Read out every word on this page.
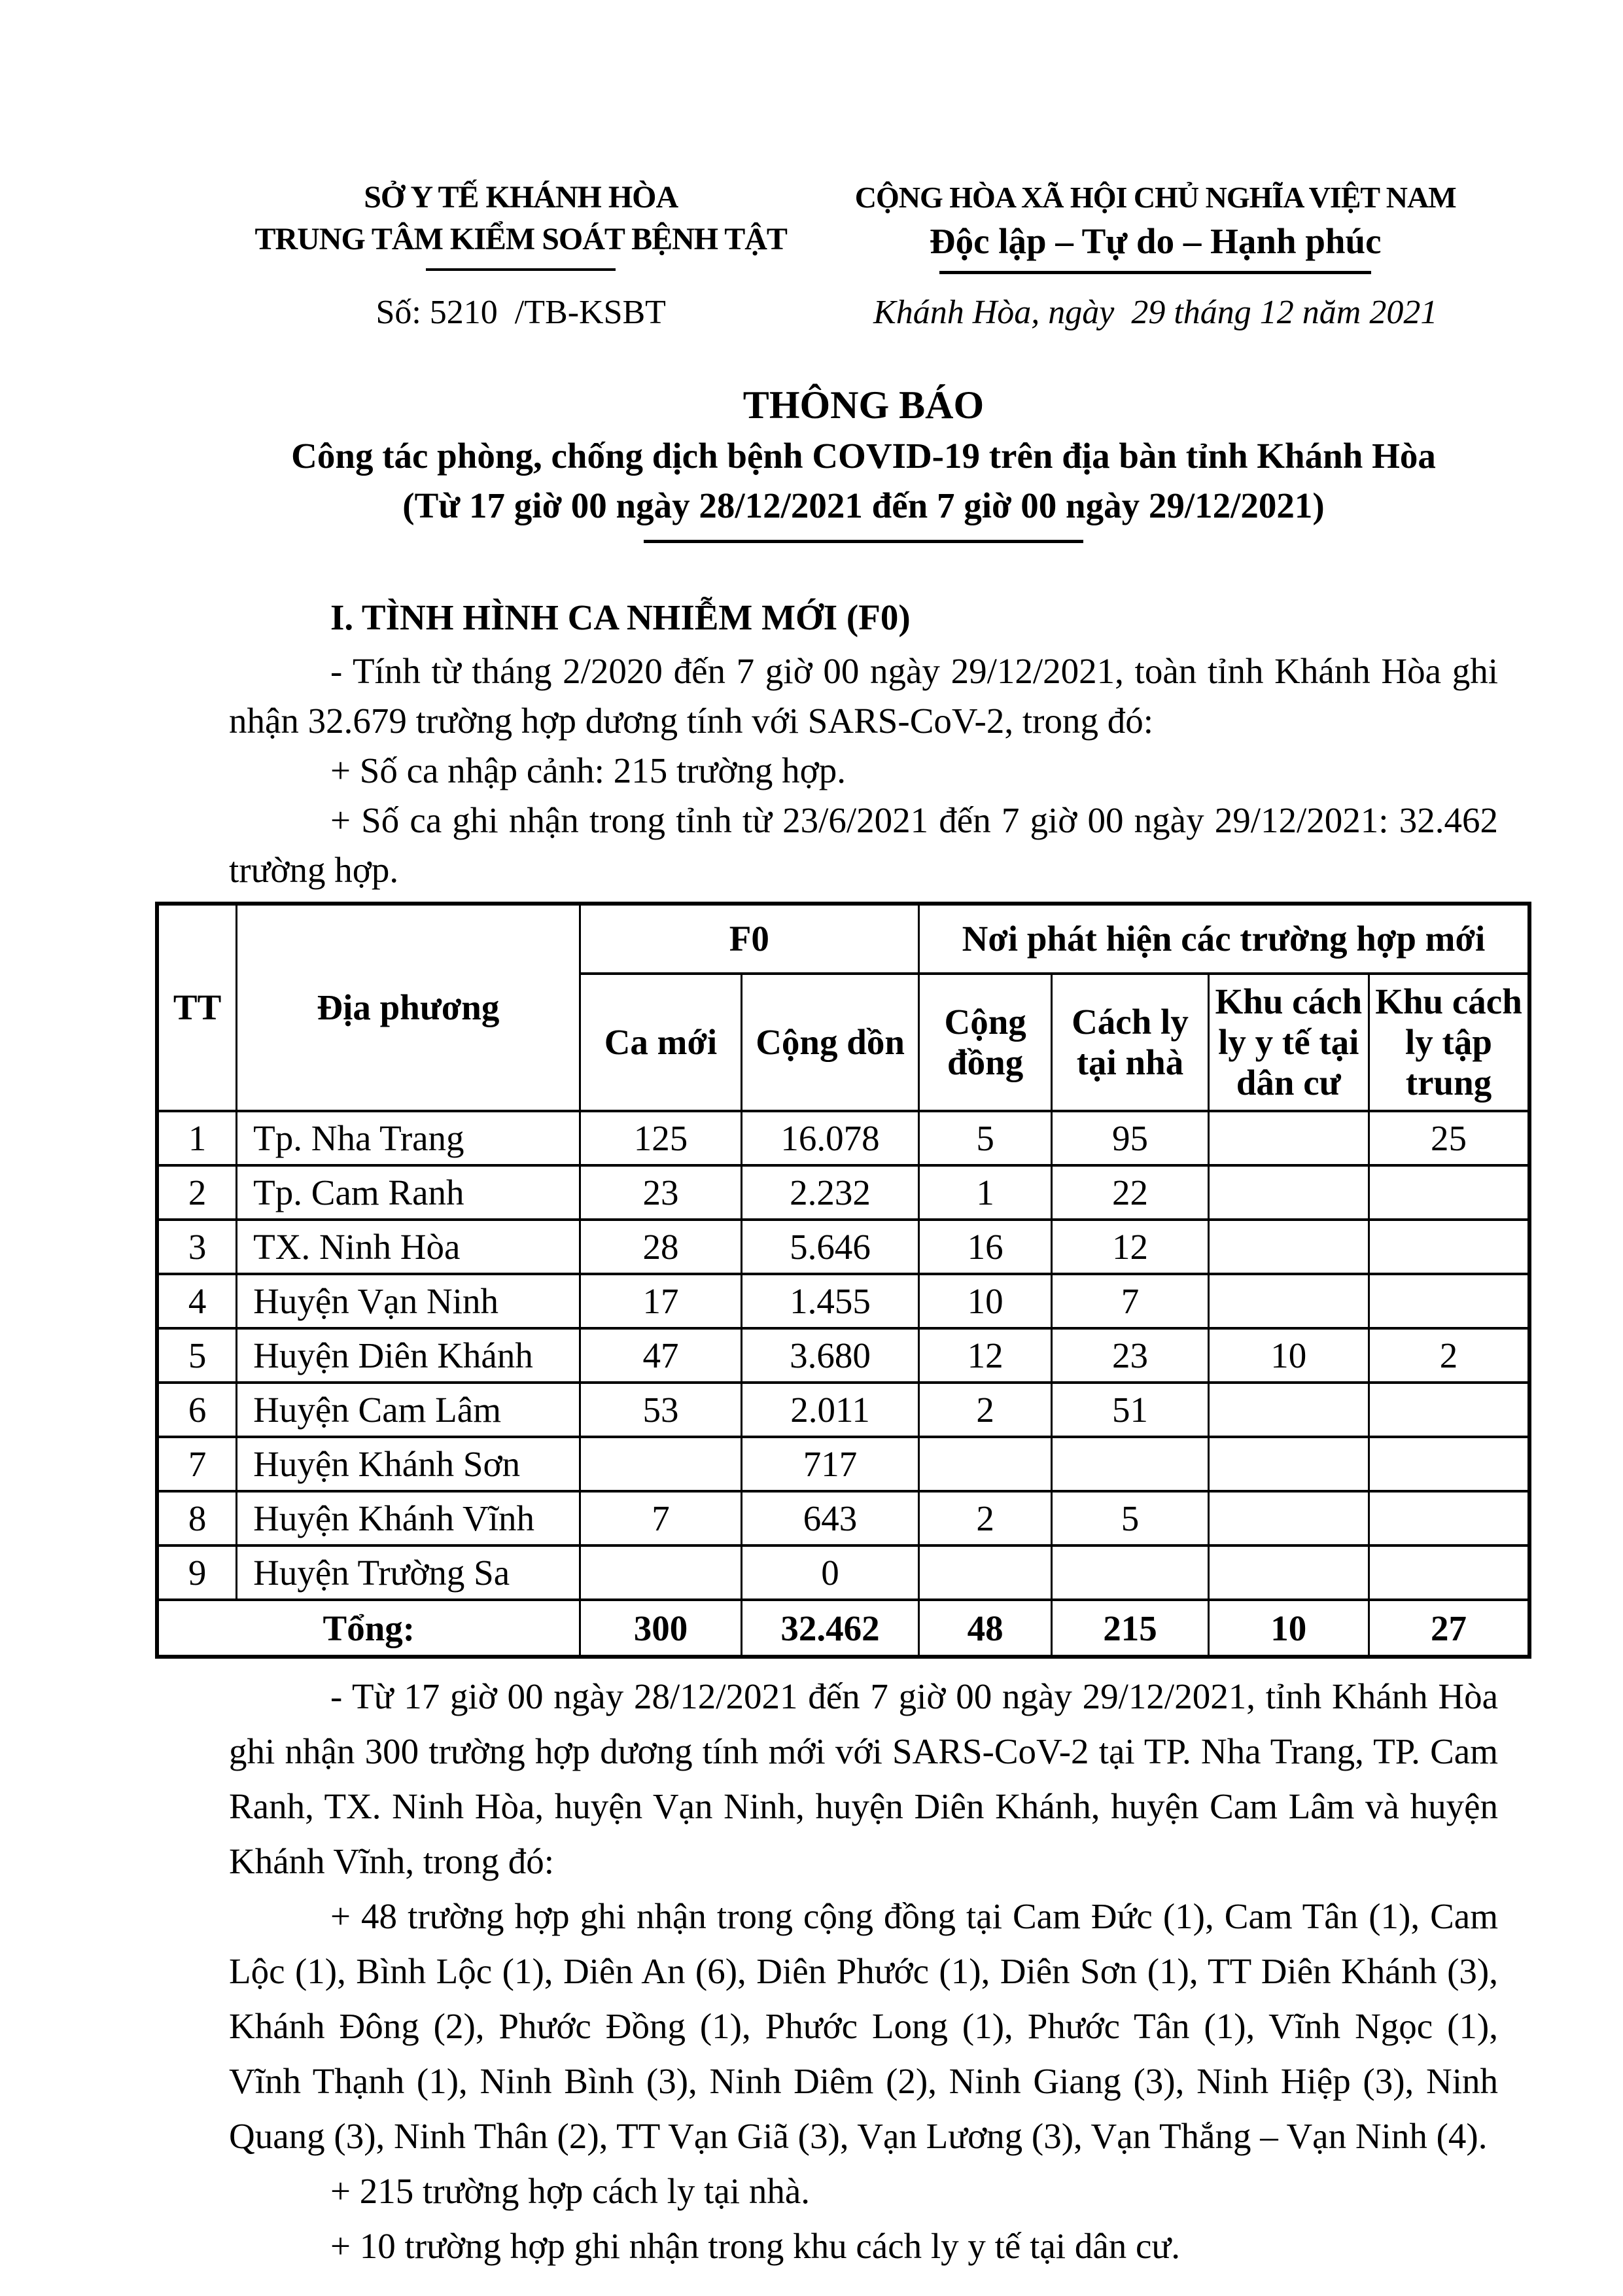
SỞ Y TẾ KHÁNH HÒA
TRUNG TÂM KIỂM SOÁT BỆNH TẬT
CỘNG HÒA XÃ HỘI CHỦ NGHĨA VIỆT NAM
Độc lập – Tự do – Hạnh phúc
Số: 5210  /TB-KSBT	Khánh Hòa, ngày  29 tháng 12 năm 2021
THÔNG BÁO
Công tác phòng, chống dịch bệnh COVID-19 trên địa bàn tỉnh Khánh Hòa
(Từ 17 giờ 00 ngày 28/12/2021 đến 7 giờ 00 ngày 29/12/2021)
I. TÌNH HÌNH CA NHIỄM MỚI (F0)

- Tính từ tháng 2/2020 đến 7 giờ 00 ngày 29/12/2021, toàn tỉnh Khánh Hòa ghi nhận 32.679 trường hợp dương tính với SARS-CoV-2, trong đó:

+ Số ca nhập cảnh: 215 trường hợp.

+ Số ca ghi nhận trong tỉnh từ 23/6/2021 đến 7 giờ 00 ngày 29/12/2021: 32.462 trường hợp.

TT	Địa phương	F0		Nơi phát hiện các trường hợp mới			
		Ca mới	Cộng dồn	Cộng đồng	Cách ly tại nhà	Khu cách ly y tế tại dân cư	Khu cách ly tập trung
1	Tp. Nha Trang	125	16.078	5	95		25
2	Tp. Cam Ranh	23	2.232	1	22		
3	TX. Ninh Hòa	28	5.646	16	12		
4	Huyện Vạn Ninh	17	1.455	10	7		
5	Huyện Diên Khánh	47	3.680	12	23	10	2
6	Huyện Cam Lâm	53	2.011	2	51		
7	Huyện Khánh Sơn		717				
8	Huyện Khánh Vĩnh	7	643	2	5		
9	Huyện Trường Sa		0				
Tổng:		300	32.462	48	215	10	27

- Từ 17 giờ 00 ngày 28/12/2021 đến 7 giờ 00 ngày 29/12/2021, tỉnh Khánh Hòa ghi nhận 300 trường hợp dương tính mới với SARS-CoV-2 tại TP. Nha Trang, TP. Cam Ranh, TX. Ninh Hòa, huyện Vạn Ninh, huyện Diên Khánh, huyện Cam Lâm và huyện Khánh Vĩnh, trong đó:

+ 48 trường hợp ghi nhận trong cộng đồng tại Cam Đức (1), Cam Tân (1), Cam Lộc (1), Bình Lộc (1), Diên An (6), Diên Phước (1), Diên Sơn (1), TT Diên Khánh (3), Khánh Đông (2), Phước Đồng (1), Phước Long (1), Phước Tân (1), Vĩnh Ngọc (1), Vĩnh Thạnh (1), Ninh Bình (3), Ninh Diêm (2), Ninh Giang (3), Ninh Hiệp (3), Ninh Quang (3), Ninh Thân (2), TT Vạn Giã (3), Vạn Lương (3), Vạn Thắng – Vạn Ninh (4).

+ 215 trường hợp cách ly tại nhà.

+ 10 trường hợp ghi nhận trong khu cách ly y tế tại dân cư.
